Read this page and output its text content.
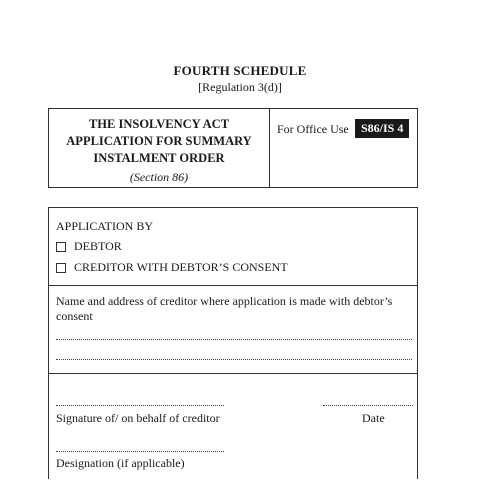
FOURTH SCHEDULE
[Regulation 3(d)]
THE INSOLVENCY ACT
APPLICATION FOR SUMMARY
INSTALMENT ORDER
(Section 86)
For Office Use	S86/IS 4
APPLICATION BY
DEBTOR
CREDITOR WITH DEBTOR’S CONSENT
Name and address of creditor where application is made with debtor’s consent
Signature of/ on behalf of creditor	Date
Designation (if applicable)
